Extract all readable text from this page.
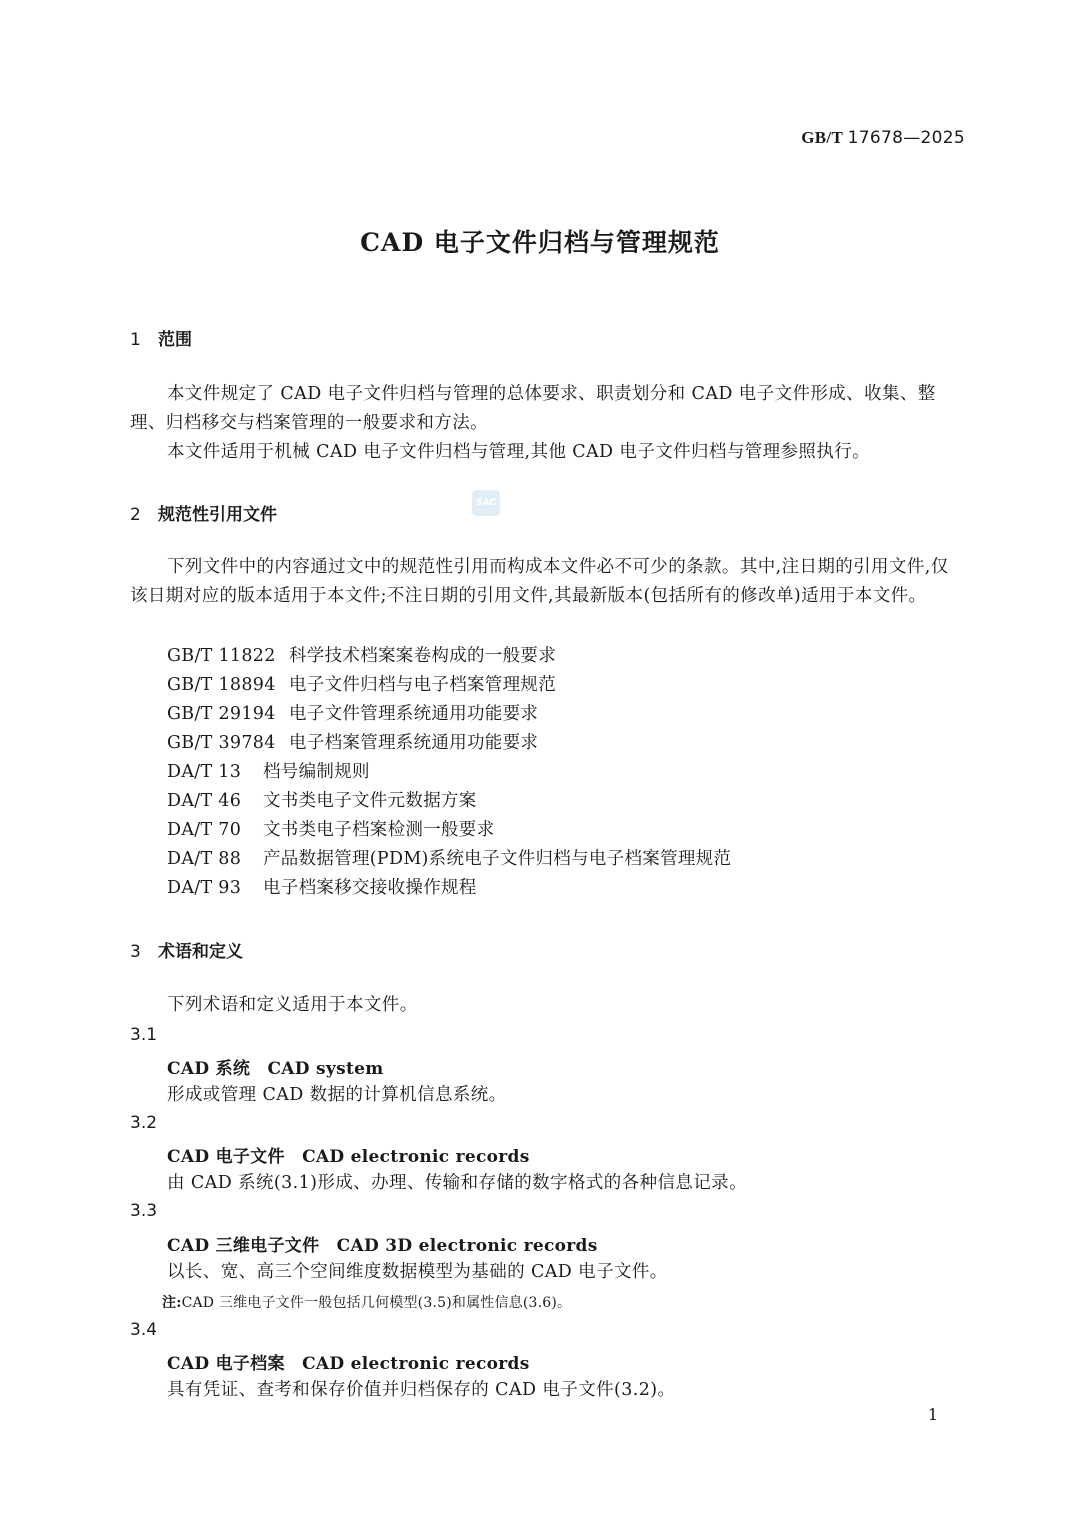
GB/T 17678—2025
CAD 电子文件归档与管理规范
1 范围
本文件规定了 CAD 电子文件归档与管理的总体要求、职责划分和 CAD 电子文件形成、收集、整理、归档移交与档案管理的一般要求和方法。
本文件适用于机械 CAD 电子文件归档与管理,其他 CAD 电子文件归档与管理参照执行。
SAC
2 规范性引用文件
下列文件中的内容通过文中的规范性引用而构成本文件必不可少的条款。其中,注日期的引用文件,仅该日期对应的版本适用于本文件;不注日期的引用文件,其最新版本(包括所有的修改单)适用于本文件。
GB/T 11822 科学技术档案案卷构成的一般要求
GB/T 18894 电子文件归档与电子档案管理规范
GB/T 29194 电子文件管理系统通用功能要求
GB/T 39784 电子档案管理系统通用功能要求
DA/T 13 档号编制规则
DA/T 46 文书类电子文件元数据方案
DA/T 70 文书类电子档案检测一般要求
DA/T 88 产品数据管理(PDM)系统电子文件归档与电子档案管理规范
DA/T 93 电子档案移交接收操作规程
3 术语和定义
下列术语和定义适用于本文件。
3.1
CAD 系统　CAD system
形成或管理 CAD 数据的计算机信息系统。
3.2
CAD 电子文件　CAD electronic records
由 CAD 系统(3.1)形成、办理、传输和存储的数字格式的各种信息记录。
3.3
CAD 三维电子文件　CAD 3D electronic records
以长、宽、高三个空间维度数据模型为基础的 CAD 电子文件。
注:CAD 三维电子文件一般包括几何模型(3.5)和属性信息(3.6)。
3.4
CAD 电子档案　CAD electronic records
具有凭证、查考和保存价值并归档保存的 CAD 电子文件(3.2)。
1
